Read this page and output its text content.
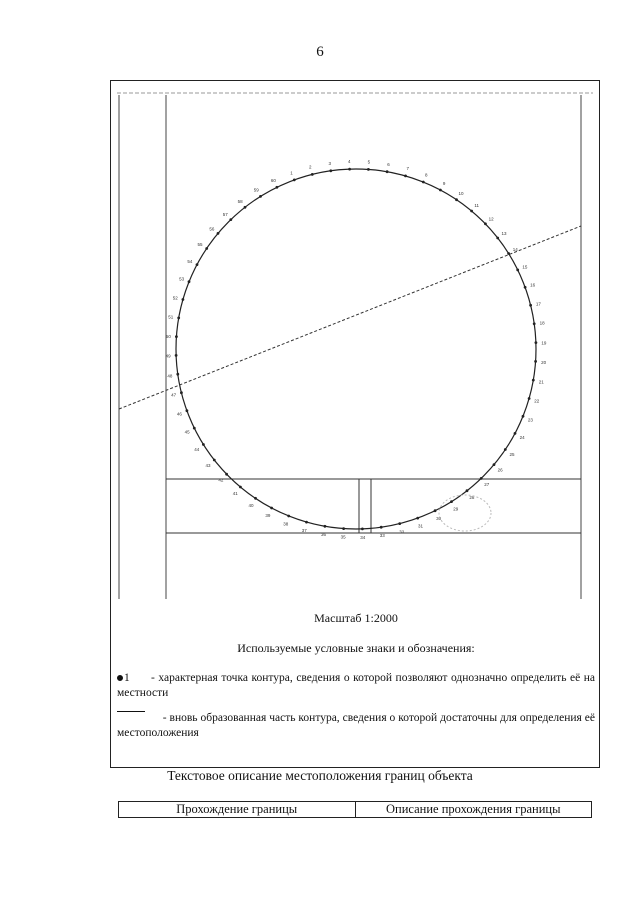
6
1
2
3	4	5	6
7
8
9
10
11
12
13
14
15
16
17
18
19
20
21
22
23
24
25
26
27
28
29
30
31
32
33
34
35
36
37
38
39
40
41
42
43
44
45
46
47
48
49
50
51
52
53
54
55
56
57
58
59
60
Масштаб 1:2000
Используемые условные знаки и обозначения:
1 - характерная точка контура, сведения о которой позволяют однозначно определить её на местности
- вновь образованная часть контура, сведения о которой достаточны для определения её местоположения
Текстовое описание местоположения границ объекта
Прохождение границы	Описание прохождения границы
